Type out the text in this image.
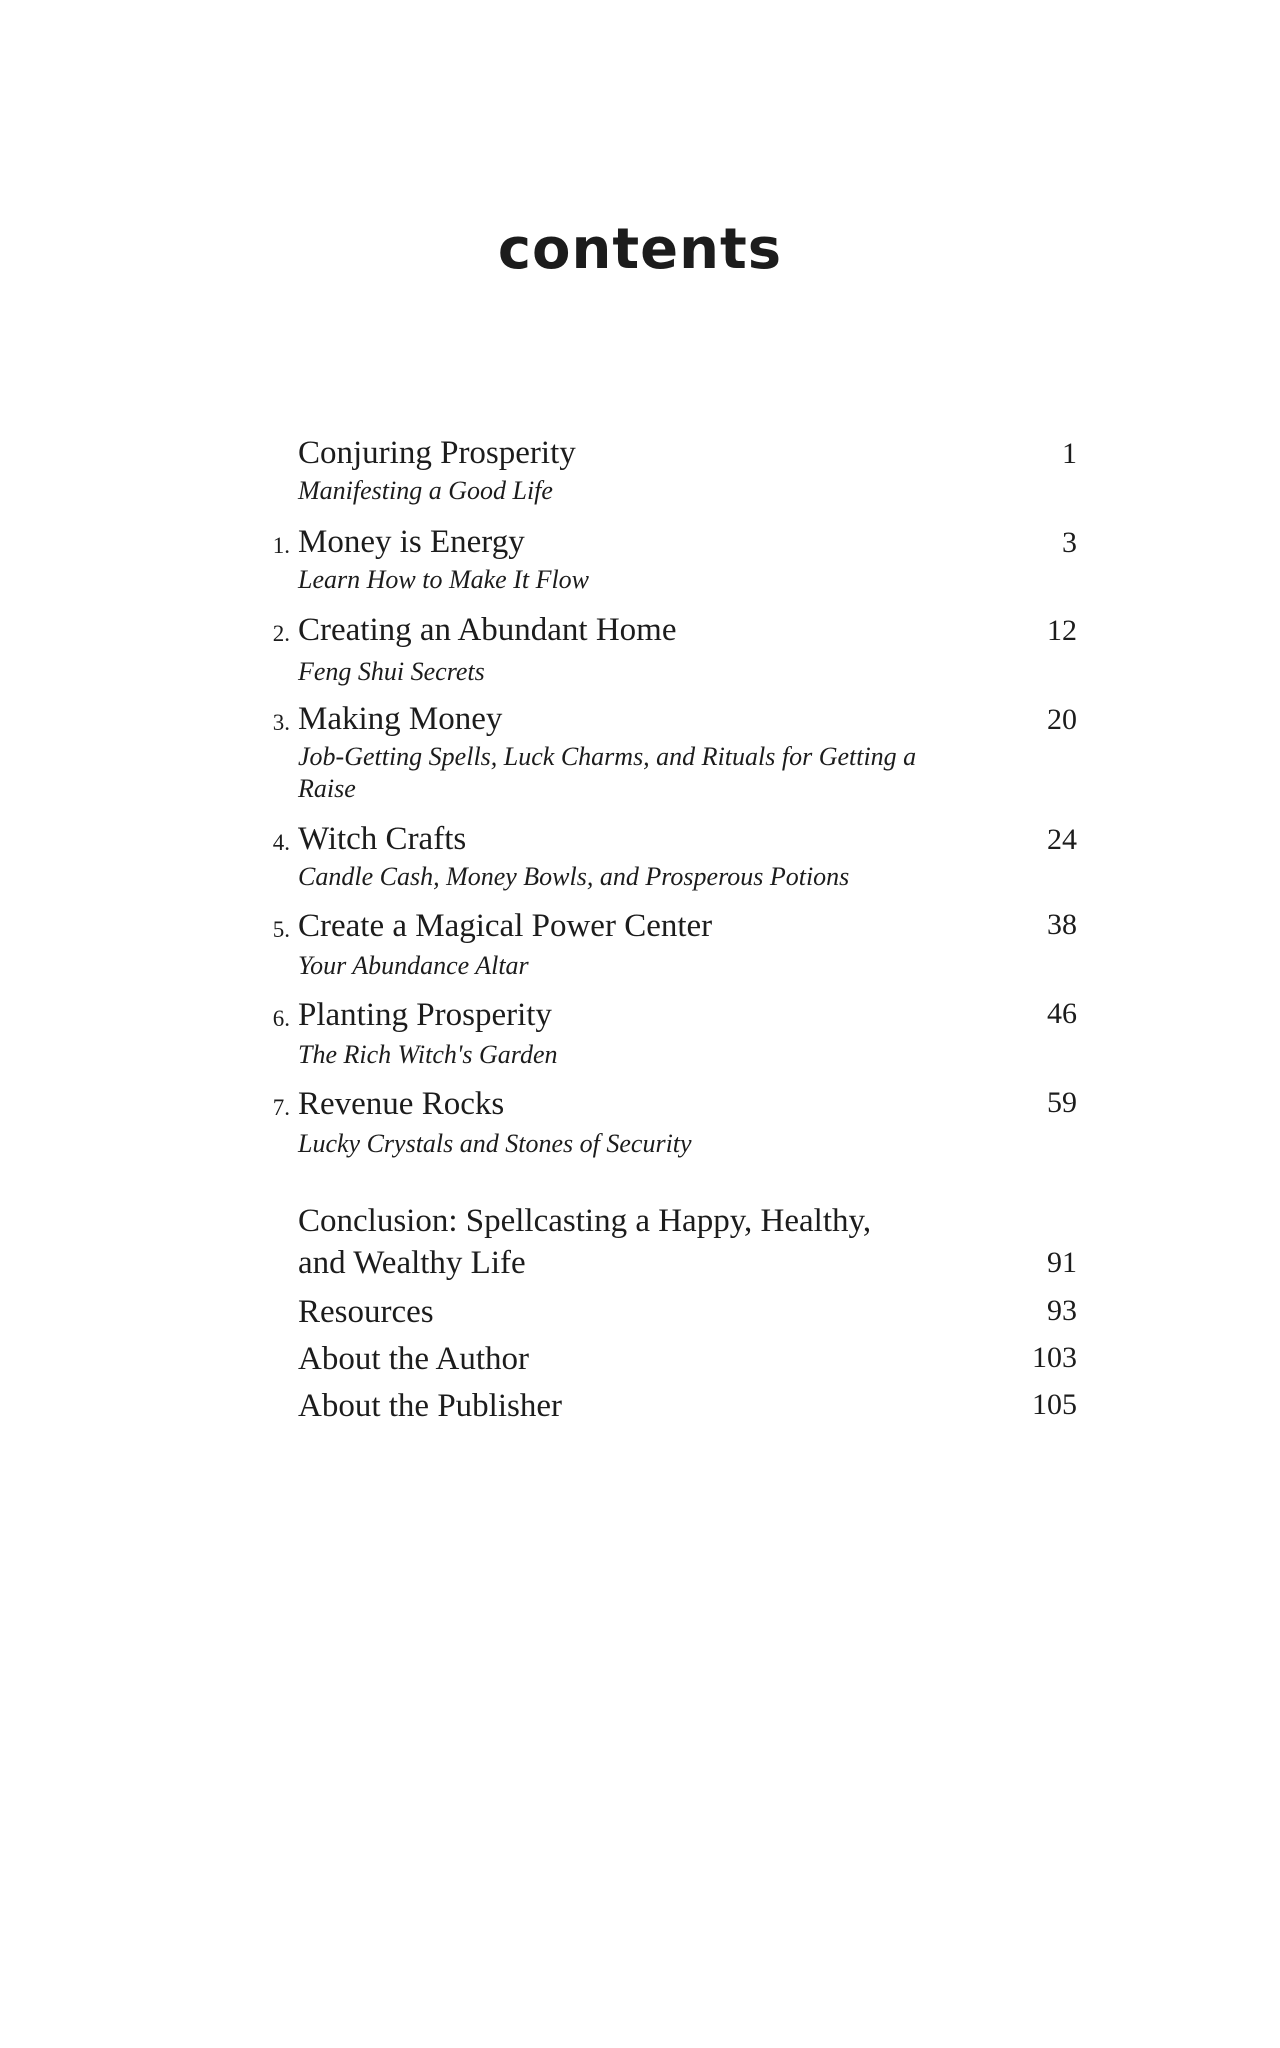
contents
Conjuring Prosperity	1
Manifesting a Good Life
1. Money is Energy	3
Learn How to Make It Flow
2. Creating an Abundant Home	12
Feng Shui Secrets
3. Making Money	20
Job-Getting Spells, Luck Charms, and Rituals for Getting a Raise
4. Witch Crafts	24
Candle Cash, Money Bowls, and Prosperous Potions
5. Create a Magical Power Center	38
Your Abundance Altar
6. Planting Prosperity	46
The Rich Witch's Garden
7. Revenue Rocks	59
Lucky Crystals and Stones of Security
Conclusion: Spellcasting a Happy, Healthy, and Wealthy Life	91
Resources	93
About the Author	103
About the Publisher	105
